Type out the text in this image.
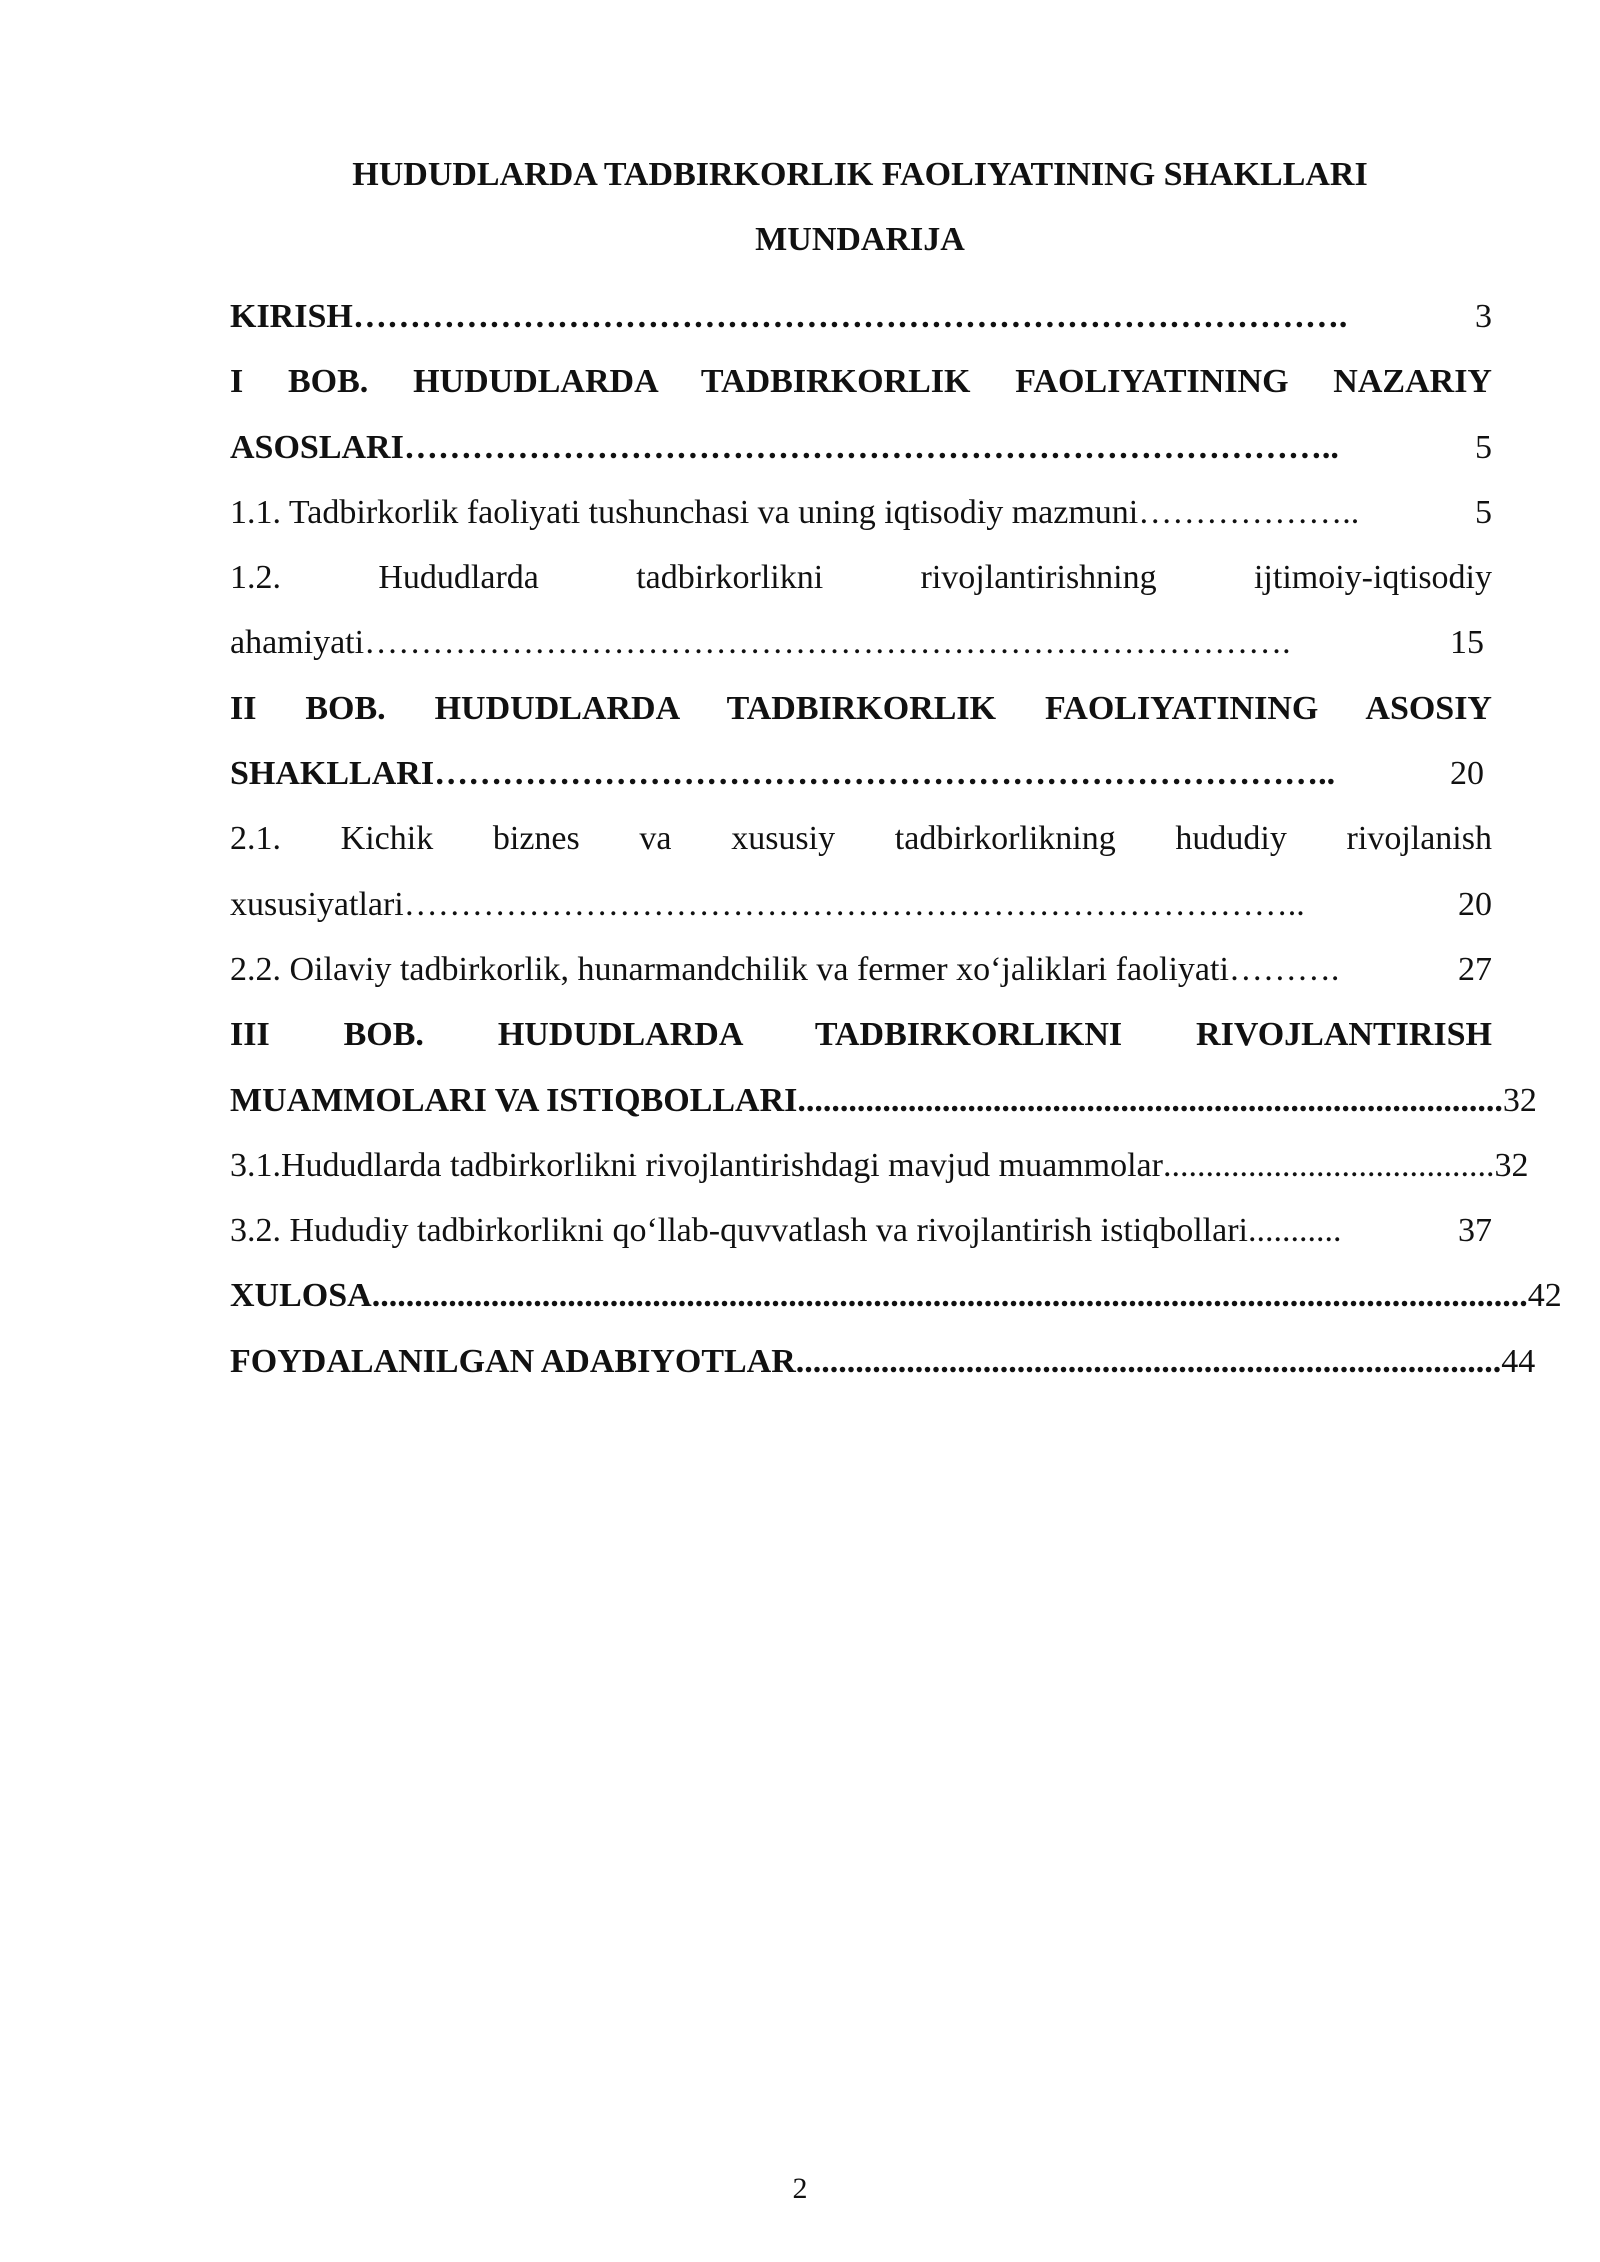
HUDUDLARDA TADBIRKORLIK FAOLIYATINING SHAKLLARI
MUNDARIJA
KIRISH …………………………………………………………………………….	3
I BOB. HUDUDLARDA TADBIRKORLIK FAOLIYATINING NAZARIY
ASOSLARI ………………………………………………………………………..	5
1.1. Tadbirkorlik faoliyati tushunchasi va uning iqtisodiy mazmuni ………………..	5
1.2. Hududlarda tadbirkorlikni rivojlantirishning ijtimoiy-iqtisodiy
ahamiyati ……………………………………………………………………….	15
II BOB. HUDUDLARDA TADBIRKORLIK FAOLIYATINING ASOSIY
SHAKLLARI ……………………………………………………………………..	20
2.1. Kichik biznes va xususiy tadbirkorlikning hududiy rivojlanish
xususiyatlari ……………………………………………………………………..	20
2.2. Oilaviy tadbirkorlik, hunarmandchilik va fermer xo‘jaliklari faoliyati ……….	27
III BOB. HUDUDLARDA TADBIRKORLIKNI RIVOJLANTIRISH
MUAMMOLARI VA ISTIQBOLLARI ................................................................................... 32
3.1.Hududlarda tadbirkorlikni rivojlantirishdagi mavjud muammolar ....................................... 32
3.2. Hududiy tadbirkorlikni qo‘llab-quvvatlash va rivojlantirish istiqbollari ...........	37
XULOSA ........................................................................................................................................ 42
FOYDALANILGAN ADABIYOTLAR ................................................................................... 44
2
